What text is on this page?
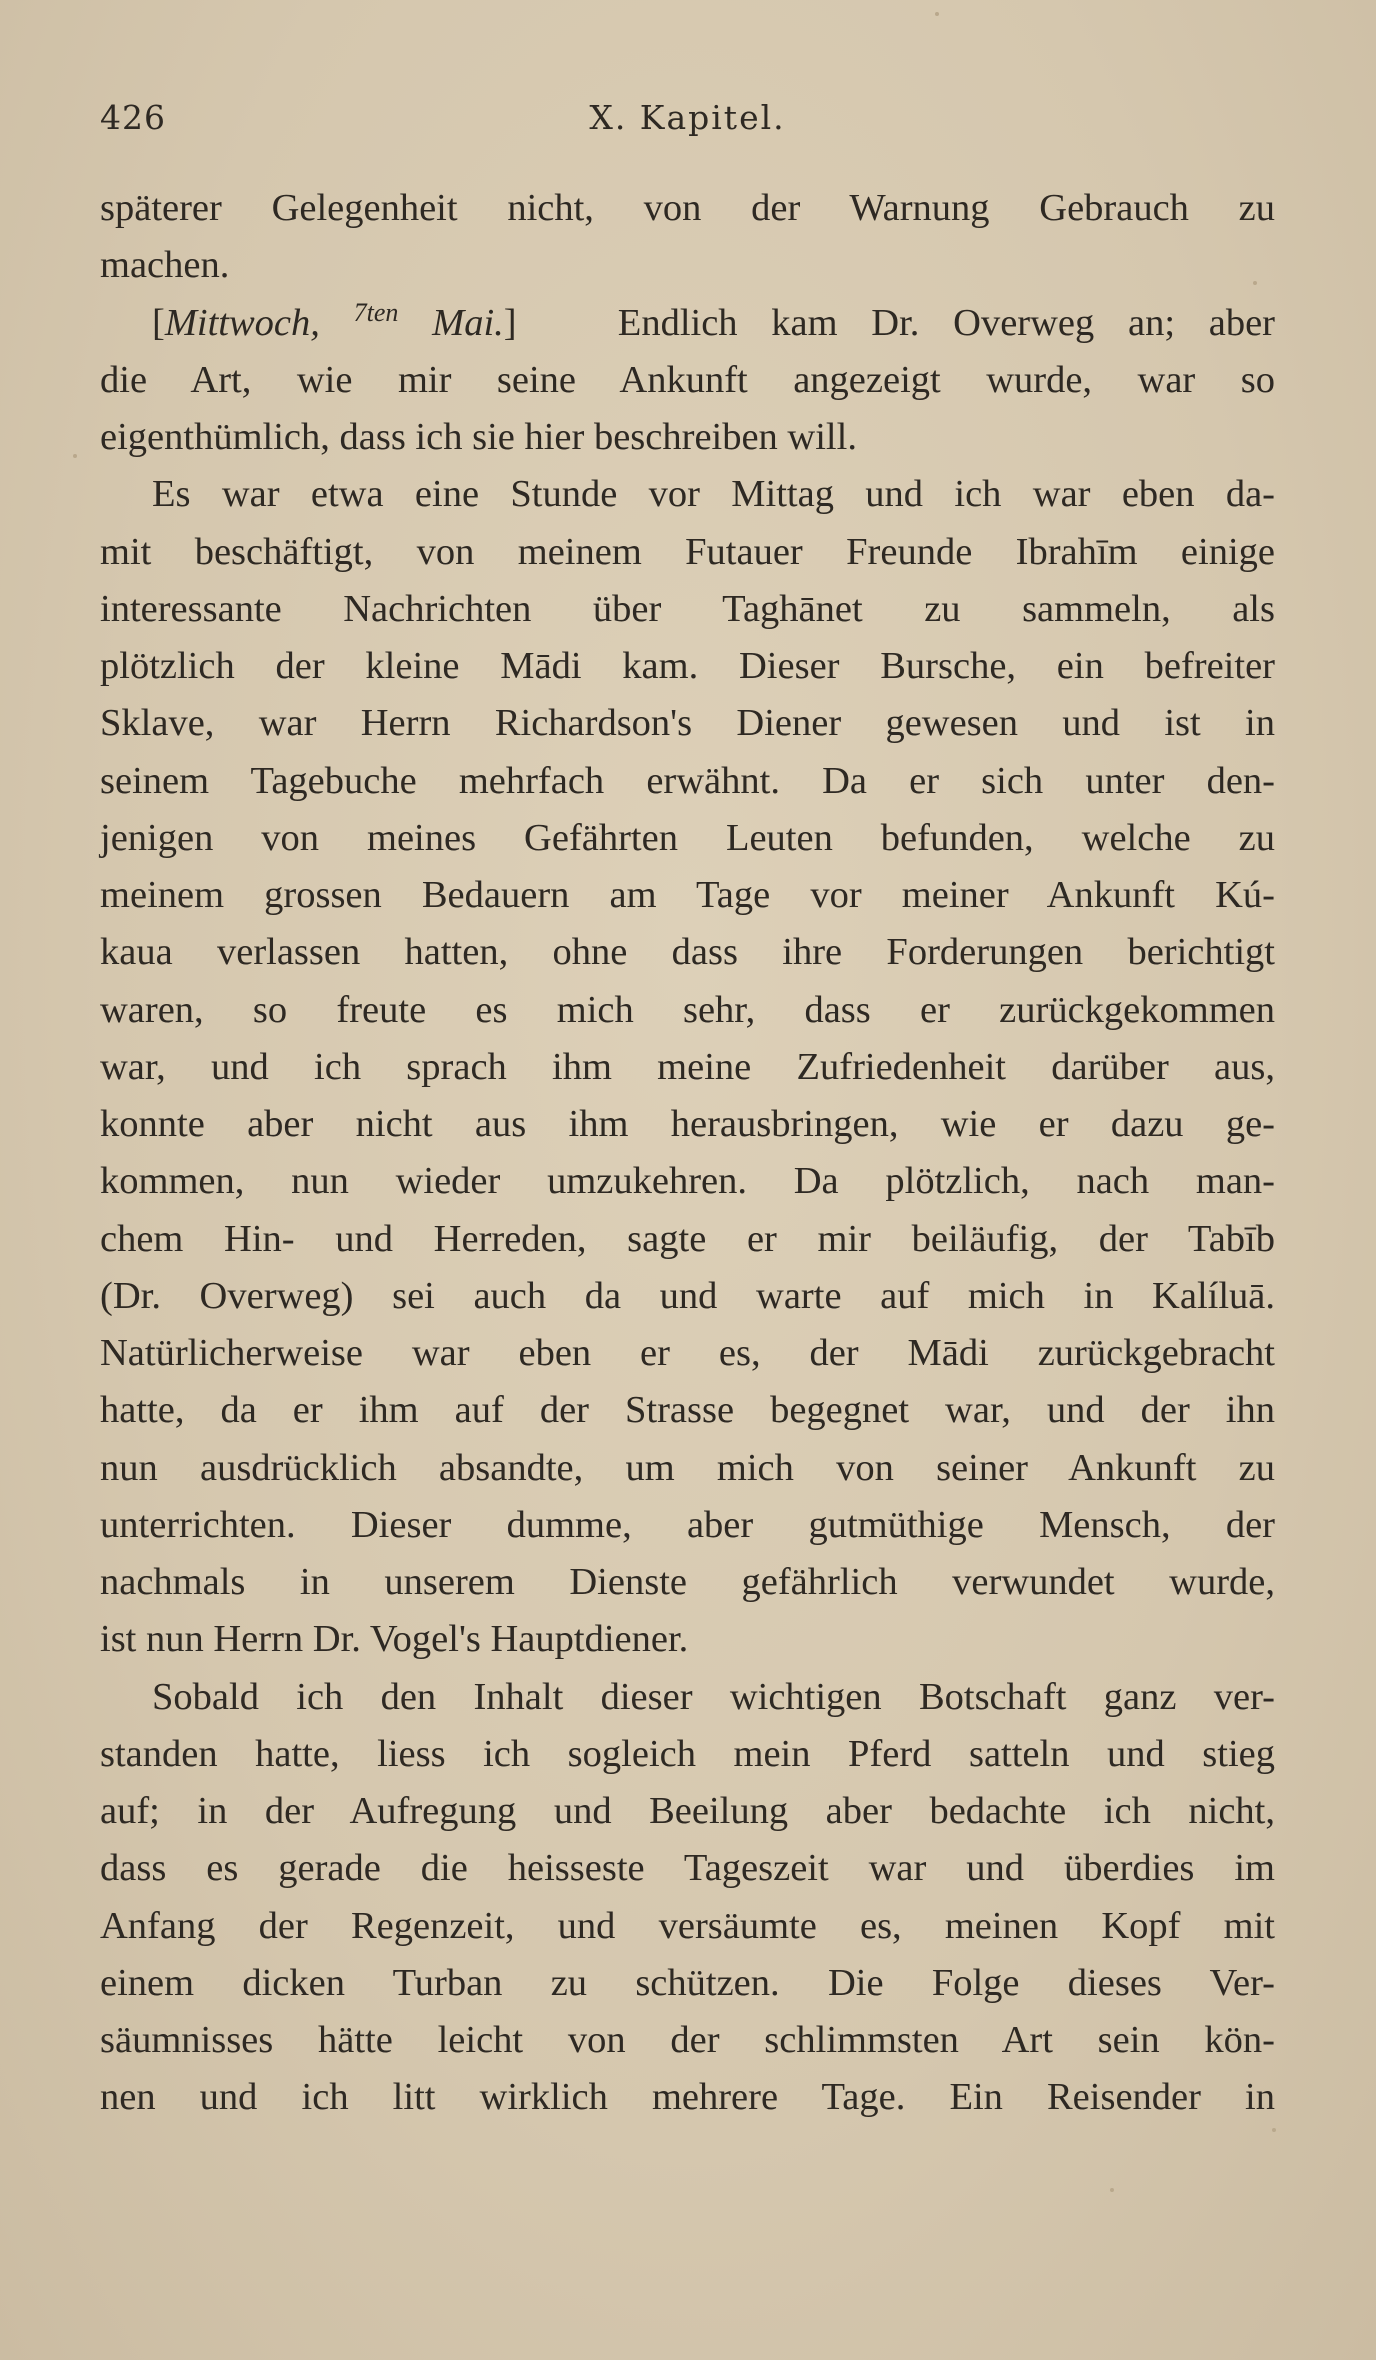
426	X. Kapitel.
späterer Gelegenheit nicht, von der Warnung Gebrauch zu
machen.
[Mittwoch, $^{7ten}$ Mai.]	Endlich kam Dr. Overweg an; aber
die Art, wie mir seine Ankunft angezeigt wurde, war so
eigenthümlich, dass ich sie hier beschreiben will.
Es war etwa eine Stunde vor Mittag und ich war eben da-
mit beschäftigt, von meinem Futauer Freunde Ibrahīm einige
interessante Nachrichten über Taghānet zu sammeln, als
plötzlich der kleine Mādi kam. Dieser Bursche, ein befreiter
Sklave, war Herrn Richardson's Diener gewesen und ist in
seinem Tagebuche mehrfach erwähnt. Da er sich unter den-
jenigen von meines Gefährten Leuten befunden, welche zu
meinem grossen Bedauern am Tage vor meiner Ankunft Kú-
kaua verlassen hatten, ohne dass ihre Forderungen berichtigt
waren, so freute es mich sehr, dass er zurückgekommen
war, und ich sprach ihm meine Zufriedenheit darüber aus,
konnte aber nicht aus ihm herausbringen, wie er dazu ge-
kommen, nun wieder umzukehren. Da plötzlich, nach man-
chem Hin- und Herreden, sagte er mir beiläufig, der Tabīb
(Dr. Overweg) sei auch da und warte auf mich in Kalíluā.
Natürlicherweise war eben er es, der Mādi zurückgebracht
hatte, da er ihm auf der Strasse begegnet war, und der ihn
nun ausdrücklich absandte, um mich von seiner Ankunft zu
unterrichten. Dieser dumme, aber gutmüthige Mensch, der
nachmals in unserem Dienste gefährlich verwundet wurde,
ist nun Herrn Dr. Vogel's Hauptdiener.
Sobald ich den Inhalt dieser wichtigen Botschaft ganz ver-
standen hatte, liess ich sogleich mein Pferd satteln und stieg
auf; in der Aufregung und Beeilung aber bedachte ich nicht,
dass es gerade die heisseste Tageszeit war und überdies im
Anfang der Regenzeit, und versäumte es, meinen Kopf mit
einem dicken Turban zu schützen. Die Folge dieses Ver-
säumnisses hätte leicht von der schlimmsten Art sein kön-
nen und ich litt wirklich mehrere Tage. Ein Reisender in
